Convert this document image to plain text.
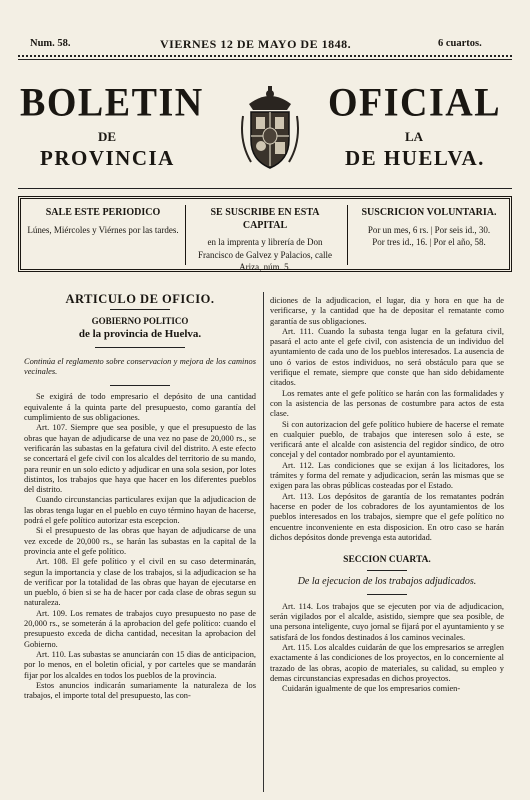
Num. 58.	VIERNES 12 DE MAYO DE 1848.	6 cuartos.
BOLETIN	OFICIAL
DE	LA
PROVINCIA	DE HUELVA.
SALE ESTE PERIODICO
Lúnes, Miércoles y Viérnes por las tardes.
SE SUSCRIBE EN ESTA CAPITAL
en la imprenta y librería de Don Francisco de Galvez y Palacios, calle Ariza, núm. 5.
SUSCRICION VOLUNTARIA.
Por un mes, 6 rs. | Por seis id., 30.
Por tres id., 16. | Por el año, 58.
ARTICULO DE OFICIO.
GOBIERNO POLITICO
de la provincia de Huelva.

Continúa el reglamento sobre conservacion y mejora de los caminos vecinales.

Se exigirá de todo empresario el depósito de una cantidad equivalente á la quinta parte del presupuesto, como garantía del cumplimiento de sus obligaciones.

Art. 107. Siempre que sea posible, y que el presupuesto de las obras que hayan de adjudicarse de una vez no pase de 20,000 rs., se verificarán las subastas en la gefatura civil del distrito. A este efecto se concertará el gefe civil con los alcaldes del territorio de su mando, para reunir en un solo edicto y adjudicar en una sola sesion, por lotes distintos, los trabajos que haya que hacer en los diferentes pueblos del distrito.

Cuando circunstancias particulares exijan que la adjudicacion de las obras tenga lugar en el pueblo en cuyo término hayan de hacerse, podrá el gefe político autorizar esta escepcion.

Si el presupuesto de las obras que hayan de adjudicarse de una vez excede de 20,000 rs., se harán las subastas en la capital de la provincia ante el gefe político.

Art. 108. El gefe político y el civil en su caso determinarán, segun la importancia y clase de los trabajos, si la adjudicacion se ha de verificar por la totalidad de las obras que hayan de ejecutarse en un pueblo, ó bien si se ha de hacer por cada clase de obras segun su naturaleza.

Art. 109. Los remates de trabajos cuyo presupuesto no pase de 20,000 rs., se someterán á la aprobacion del gefe político: cuando el presupuesto exceda de dicha cantidad, necesitan la aprobacion del Gobierno.

Art. 110. Las subastas se anunciarán con 15 dias de anticipacion, por lo menos, en el boletin oficial, y por carteles que se mandarán fijar por los alcaldes en todos los pueblos de la provincia.

Estos anuncios indicarán sumariamente la naturaleza de los trabajos, el importe total del presupuesto, las con-

diciones de la adjudicacion, el lugar, dia y hora en que ha de verificarse, y la cantidad que ha de depositar el rematante como garantía de sus obligaciones.

Art. 111. Cuando la subasta tenga lugar en la gefatura civil, pasará el acto ante el gefe civil, con asistencia de un individuo del ayuntamiento de cada uno de los pueblos interesados. La ausencia de uno ó varios de estos individuos, no será obstáculo para que se verifique el remate, siempre que conste que han sido debidamente citados.

Los remates ante el gefe político se harán con las formalidades y con la asistencia de las personas de costumbre para actos de esta clase.

Si con autorizacion del gefe político hubiere de hacerse el remate en cualquier pueblo, de trabajos que interesen solo á este, se verificará ante el alcalde con asistencia del regidor síndico, de otro concejal y del contador nombrado por el ayuntamiento.

Art. 112. Las condiciones que se exijan á los licitadores, los trámites y forma del remate y adjudicacion, serán las mismas que se exigen para las obras públicas costeadas por el Estado.

Art. 113. Los depósitos de garantía de los rematantes podrán hacerse en poder de los cobradores de los ayuntamientos de los pueblos interesados en los trabajos, siempre que el gefe político no encuentre inconveniente en esta disposicion. En otro caso se harán dichos depósitos donde prevenga esta autoridad.

SECCION CUARTA.
De la ejecucion de los trabajos adjudicados.

Art. 114. Los trabajos que se ejecuten por via de adjudicacion, serán vigilados por el alcalde, asistido, siempre que sea posible, de una persona inteligente, cuyo jornal se fijará por el ayuntamiento y se satisfará de los fondos destinados á los caminos vecinales.

Art. 115. Los alcaldes cuidarán de que los empresarios se arreglen exactamente á las condiciones de los proyectos, en lo concerniente al trazado de las obras, acopio de materiales, su calidad, su empleo y demas circunstancias expresadas en dichos proyectos.

Cuidarán igualmente de que los empresarios comien-
